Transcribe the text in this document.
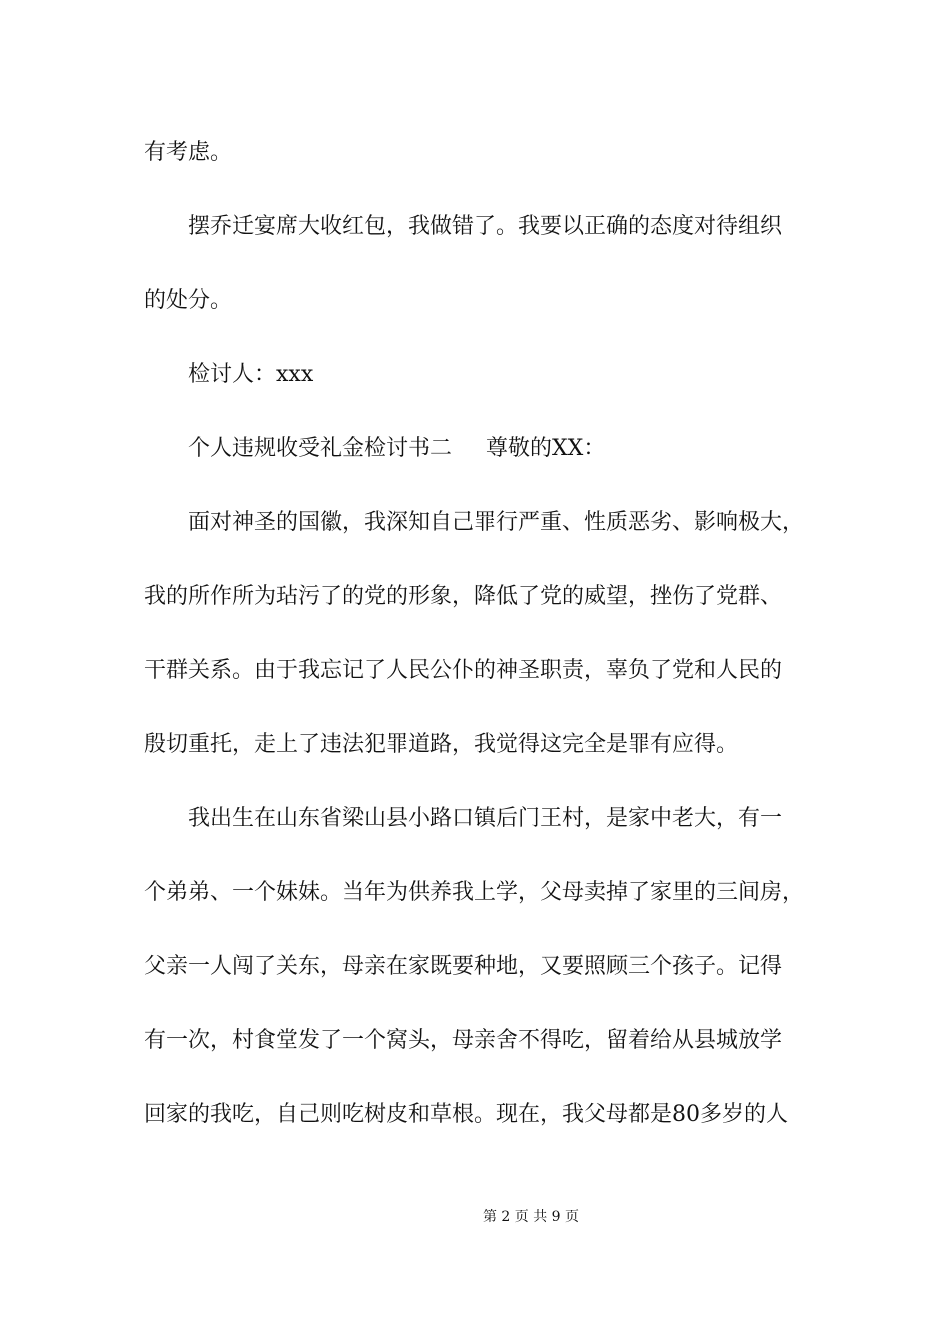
有考虑。
摆乔迁宴席大收红包，我做错了。我要以正确的态度对待组织
的处分。
检讨人：xxx
个人违规收受礼金检讨书二 尊敬的XX：
面对神圣的国徽，我深知自己罪行严重、性质恶劣、影响极大，
我的所作所为玷污了的党的形象，降低了党的威望，挫伤了党群、
干群关系。由于我忘记了人民公仆的神圣职责，辜负了党和人民的
殷切重托，走上了违法犯罪道路，我觉得这完全是罪有应得。
我出生在山东省梁山县小路口镇后门王村，是家中老大，有一
个弟弟、一个妹妹。当年为供养我上学，父母卖掉了家里的三间房，
父亲一人闯了关东，母亲在家既要种地，又要照顾三个孩子。记得
有一次，村食堂发了一个窝头，母亲舍不得吃，留着给从县城放学
回家的我吃，自己则吃树皮和草根。现在，我父母都是80多岁的人
第 2 页 共 9 页
